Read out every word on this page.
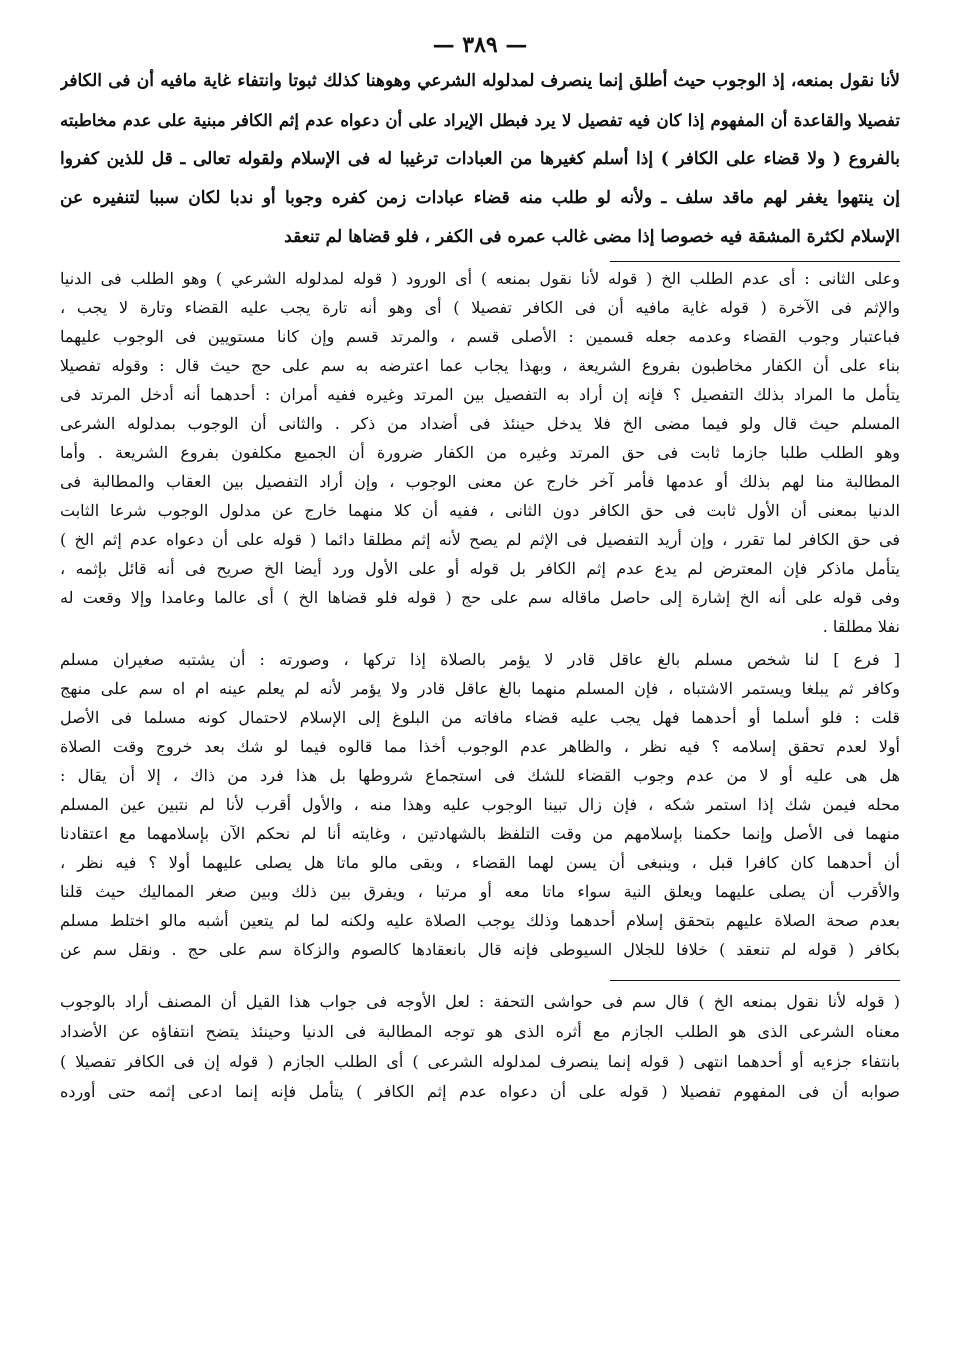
— ٣٨٩ —
لأنا نقول بمنعه، إذ الوجوب حيث أطلق إنما ينصرف لمدلوله الشرعي وهوهنا كذلك ثبوتا وانتفاء غاية مافيه أن فى الكافر
تفصيلا والقاعدة أن المفهوم إذا كان فيه تفصيل لا يرد فبطل الإيراد على أن دعواه عدم إثم الكافر مبنية على عدم مخاطبته
بالفروع ( ولا قضاء على الكافر ) إذا أسلم كغيرها من العبادات ترغيبا له فى الإسلام ولقوله تعالى ـ قل للذين كفروا
إن ينتهوا يغفر لهم ماقد سلف ـ ولأنه لو طلب منه قضاء عبادات زمن كفره وجوبا أو ندبا لكان سببا لتنفيره عن
الإسلام لكثرة المشقة فيه خصوصا إذا مضى غالب عمره فى الكفر ، فلو قضاها لم تنعقد
وعلى الثانى : أى عدم الطلب الخ ( قوله لأنا نقول بمنعه ) أى الورود ( قوله لمدلوله الشرعي ) وهو الطلب فى الدنيا
والإثم فى الآخرة ( قوله غاية مافيه أن فى الكافر تفصيلا ) أى وهو أنه تارة يجب عليه القضاء وتارة لا يجب ،
فباعتبار وجوب القضاء وعدمه جعله قسمين : الأصلى قسم ، والمرتد قسم وإن كانا مستويين فى الوجوب عليهما
بناء على أن الكفار مخاطبون بفروع الشريعة ، وبهذا يجاب عما اعترضه به سم على حج حيث قال : وقوله تفصيلا
يتأمل ما المراد بذلك التفصيل ؟ فإنه إن أراد به التفصيل بين المرتد وغيره ففيه أمران : أحدهما أنه أدخل المرتد فى
المسلم حيث قال ولو فيما مضى الخ فلا يدخل حينئذ فى أضداد من ذكر . والثانى أن الوجوب بمدلوله الشرعى
وهو الطلب طلبا جازما ثابت فى حق المرتد وغيره من الكفار ضرورة أن الجميع مكلفون بفروع الشريعة . وأما
المطالبة منا لهم بذلك أو عدمها فأمر آخر خارج عن معنى الوجوب ، وإن أراد التفصيل بين العقاب والمطالبة فى
الدنيا بمعنى أن الأول ثابت فى حق الكافر دون الثانى ، ففيه أن كلا منهما خارج عن مدلول الوجوب شرعا الثابت
فى حق الكافر لما تقرر ، وإن أريد التفصيل فى الإثم لم يصح لأنه إثم مطلقا دائما ( قوله على أن دعواه عدم إثم الخ )
يتأمل ماذكر فإن المعترض لم يدع عدم إثم الكافر بل قوله أو على الأول ورد أيضا الخ صريح فى أنه قائل بإثمه ،
وفى قوله على أنه الخ إشارة إلى حاصل ماقاله سم على حج ( قوله فلو قضاها الخ ) أى عالما وعامدا وإلا وقعت له
نفلا مطلقا .
[ فرع ] لنا شخص مسلم بالغ عاقل قادر لا يؤمر بالصلاة إذا تركها ، وصورته : أن يشتبه صغيران مسلم
وكافر ثم يبلغا ويستمر الاشتباه ، فإن المسلم منهما بالغ عاقل قادر ولا يؤمر لأنه لم يعلم عينه ام اه سم على منهج
قلت : فلو أسلما أو أحدهما فهل يجب عليه قضاء مافاته من البلوغ إلى الإسلام لاحتمال كونه مسلما فى الأصل
أولا لعدم تحقق إسلامه ؟ فيه نظر ، والظاهر عدم الوجوب أخذا مما قالوه فيما لو شك بعد خروج وقت الصلاة
هل هى عليه أو لا من عدم وجوب القضاء للشك فى استجماع شروطها بل هذا فرد من ذاك ، إلا أن يقال :
محله فيمن شك إذا استمر شكه ، فإن زال تبينا الوجوب عليه وهذا منه ، والأول أقرب لأنا لم نتبين عين المسلم
منهما فى الأصل وإنما حكمنا بإسلامهم من وقت التلفظ بالشهادتين ، وغايته أنا لم نحكم الآن بإسلامهما مع اعتقادنا
أن أحدهما كان كافرا قبل ، وينبغى أن يسن لهما القضاء ، وبقى مالو ماتا هل يصلى عليهما أولا ؟ فيه نظر ،
والأقرب أن يصلى عليهما ويعلق النية سواء ماتا معه أو مرتبا ، ويفرق بين ذلك وبين صغر المماليك حيث قلنا
بعدم صحة الصلاة عليهم بتحقق إسلام أحدهما وذلك يوجب الصلاة عليه ولكنه لما لم يتعين أشبه مالو اختلط مسلم
بكافر ( قوله لم تنعقد ) خلافا للجلال السيوطى فإنه قال بانعقادها كالصوم والزكاة سم على حج . ونقل سم عن
( قوله لأنا نقول بمنعه الخ ) قال سم فى حواشى التحفة : لعل الأوجه فى جواب هذا القيل أن المصنف أراد بالوجوب
معناه الشرعى الذى هو الطلب الجازم مع أثره الذى هو توجه المطالبة فى الدنيا وحينئذ يتضح انتفاؤه عن الأضداد
بانتفاء جزءيه أو أحدهما انتهى ( قوله إنما ينصرف لمدلوله الشرعى ) أى الطلب الجازم ( قوله إن فى الكافر تفصيلا )
صوابه أن فى المفهوم تفصيلا ( قوله على أن دعواه عدم إثم الكافر ) يتأمل فإنه إنما ادعى إثمه حتى أورده
